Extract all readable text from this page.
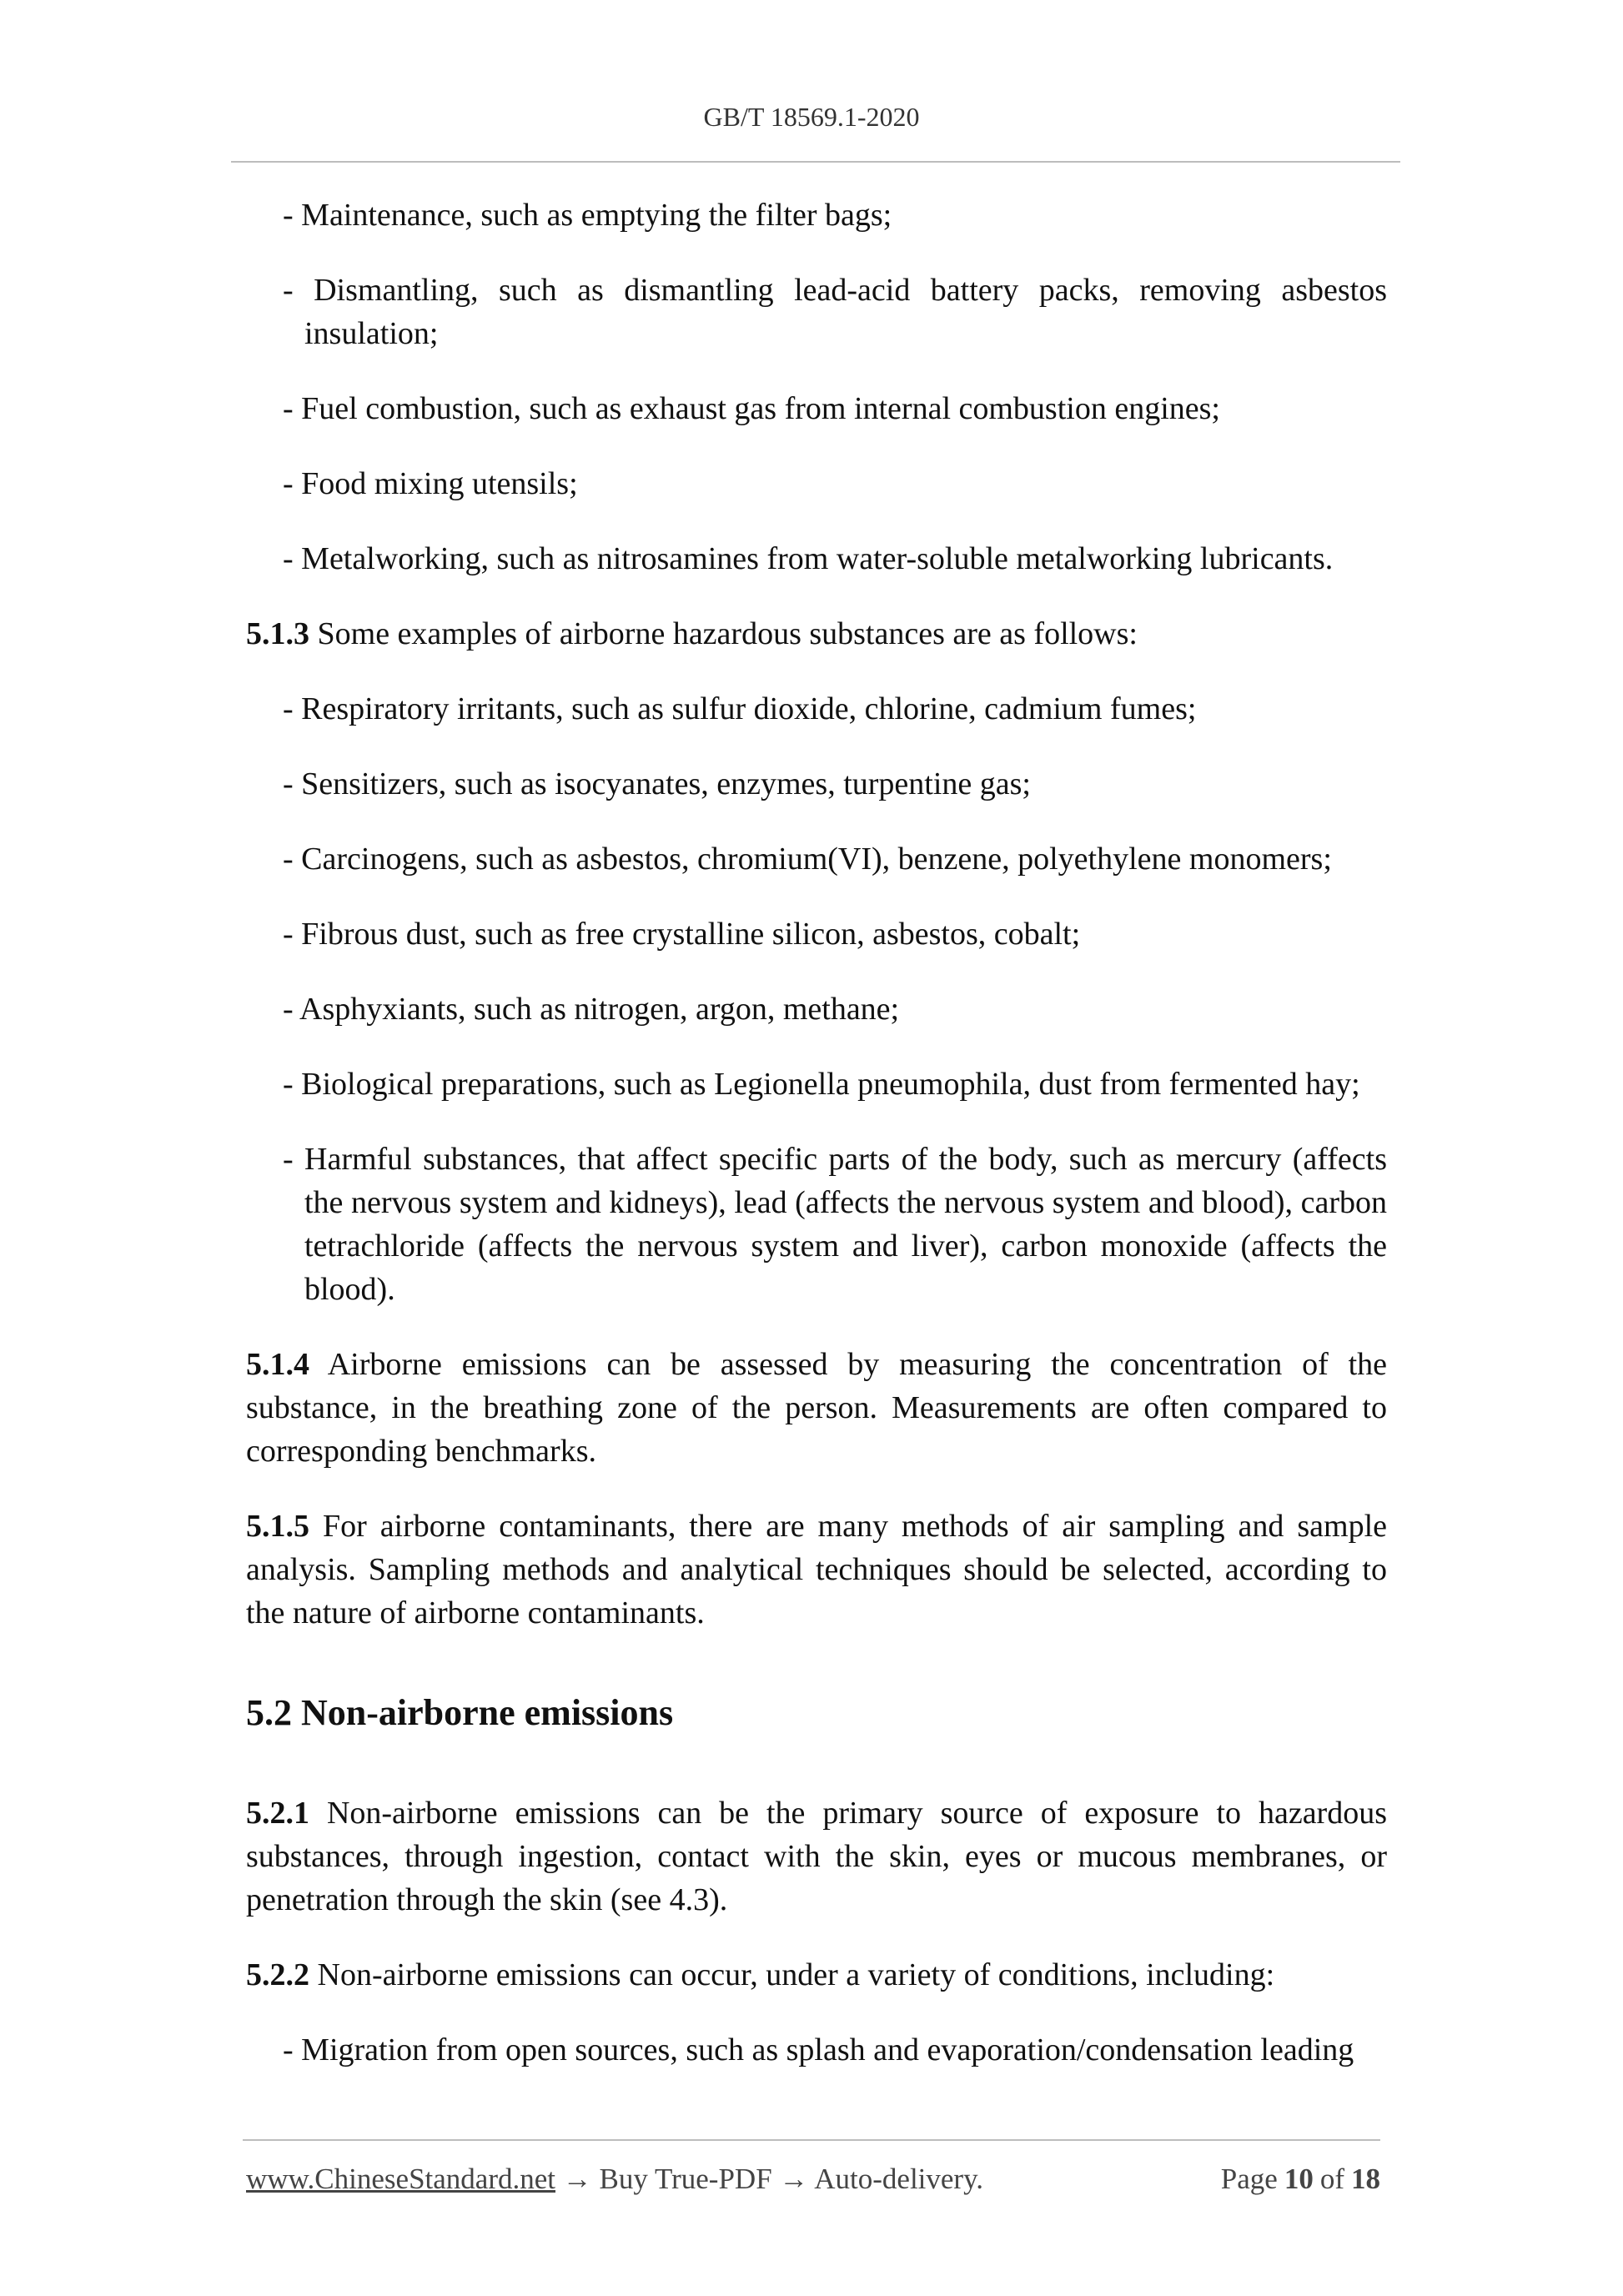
GB/T 18569.1-2020

- Maintenance, such as emptying the filter bags;

- Dismantling, such as dismantling lead-acid battery packs, removing asbestos insulation;

- Fuel combustion, such as exhaust gas from internal combustion engines;

- Food mixing utensils;

- Metalworking, such as nitrosamines from water-soluble metalworking lubricants.

5.1.3 Some examples of airborne hazardous substances are as follows:

- Respiratory irritants, such as sulfur dioxide, chlorine, cadmium fumes;

- Sensitizers, such as isocyanates, enzymes, turpentine gas;

- Carcinogens, such as asbestos, chromium(VI), benzene, polyethylene monomers;

- Fibrous dust, such as free crystalline silicon, asbestos, cobalt;

- Asphyxiants, such as nitrogen, argon, methane;

- Biological preparations, such as Legionella pneumophila, dust from fermented hay;

- Harmful substances, that affect specific parts of the body, such as mercury (affects the nervous system and kidneys), lead (affects the nervous system and blood), carbon tetrachloride (affects the nervous system and liver), carbon monoxide (affects the blood).

5.1.4 Airborne emissions can be assessed by measuring the concentration of the substance, in the breathing zone of the person. Measurements are often compared to corresponding benchmarks.

5.1.5 For airborne contaminants, there are many methods of air sampling and sample analysis. Sampling methods and analytical techniques should be selected, according to the nature of airborne contaminants.

5.2 Non-airborne emissions

5.2.1 Non-airborne emissions can be the primary source of exposure to hazardous substances, through ingestion, contact with the skin, eyes or mucous membranes, or penetration through the skin (see 4.3).

5.2.2 Non-airborne emissions can occur, under a variety of conditions, including:

- Migration from open sources, such as splash and evaporation/condensation leading

www.ChineseStandard.net → Buy True-PDF → Auto-delivery.	Page 10 of 18
